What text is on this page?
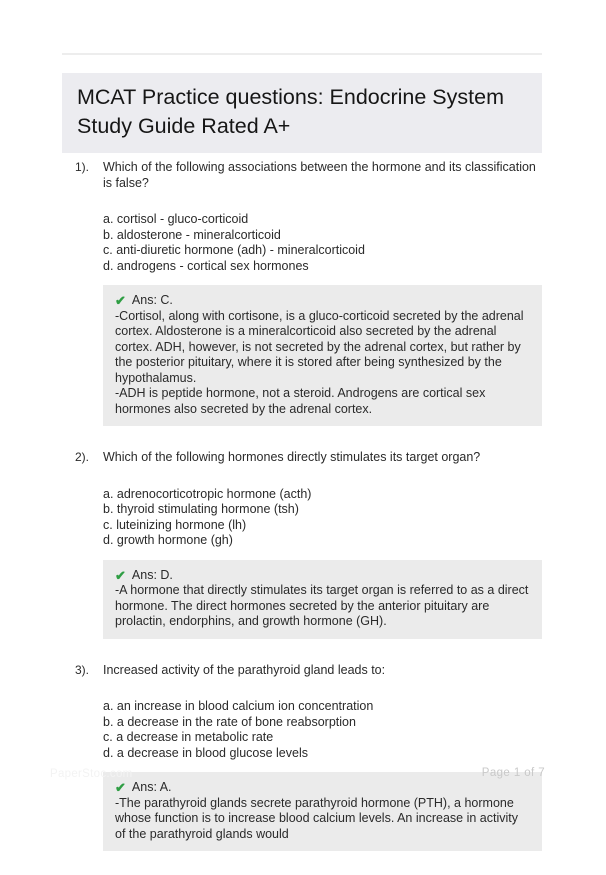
MCAT Practice questions: Endocrine System Study Guide Rated A+
1).	Which of the following associations between the hormone and its classification is false?
a. cortisol - gluco-corticoid
b. aldosterone - mineralcorticoid
c. anti-diuretic hormone (adh) - mineralcorticoid
d. androgens - cortical sex hormones
✔ Ans: C.

-Cortisol, along with cortisone, is a gluco-corticoid secreted by the adrenal cortex. Aldosterone is a mineralcorticoid also secreted by the adrenal cortex. ADH, however, is not secreted by the adrenal cortex, but rather by the posterior pituitary, where it is stored after being synthesized by the hypothalamus.

-ADH is peptide hormone, not a steroid. Androgens are cortical sex hormones also secreted by the adrenal cortex.

2).	Which of the following hormones directly stimulates its target organ?
a. adrenocorticotropic hormone (acth)
b. thyroid stimulating hormone (tsh)
c. luteinizing hormone (lh)
d. growth hormone (gh)
✔ Ans: D.

-A hormone that directly stimulates its target organ is referred to as a direct hormone. The direct hormones secreted by the anterior pituitary are prolactin, endorphins, and growth hormone (GH).

3).	Increased activity of the parathyroid gland leads to:
a. an increase in blood calcium ion concentration
b. a decrease in the rate of bone reabsorption
c. a decrease in metabolic rate
d. a decrease in blood glucose levels
✔ Ans: A.

-The parathyroid glands secrete parathyroid hormone (PTH), a hormone whose function is to increase blood calcium levels. An increase in activity of the parathyroid glands would

PaperStoc.com	Page 1 of 7
